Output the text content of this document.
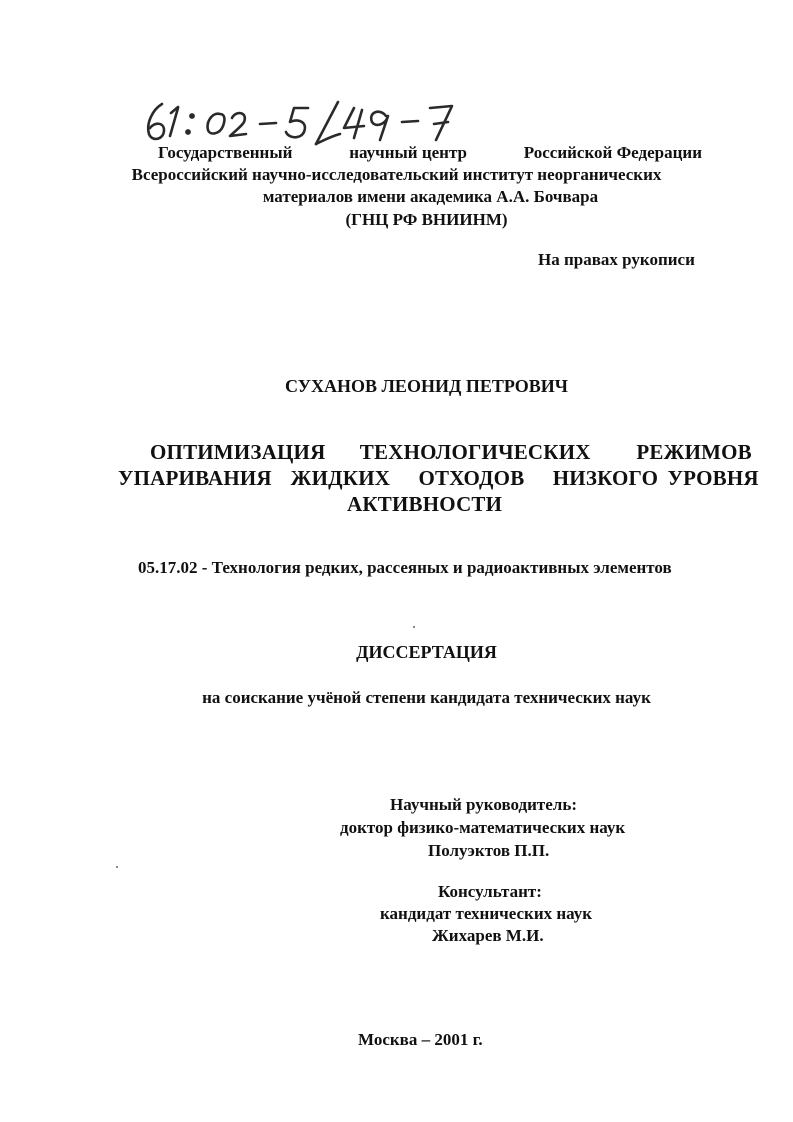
Государственный	научный центр	Российской Федерации
Всероссийский научно-исследовательский институт неорганических
материалов имени академика А.А. Бочвара
(ГНЦ РФ ВНИИНМ)
На правах рукописи
СУХАНОВ ЛЕОНИД ПЕТРОВИЧ
ОПТИМИЗАЦИЯ   ТЕХНОЛОГИЧЕСКИХ    РЕЖИМОВ
УПАРИВАНИЯ  ЖИДКИХ   ОТХОДОВ   НИЗКОГО УРОВНЯ
АКТИВНОСТИ
05.17.02 - Технология редких, рассеяных и радиоактивных элементов
ДИССЕРТАЦИЯ
на соискание учёной степени кандидата технических наук
Научный руководитель:
доктор физико-математических наук
Полуэктов П.П.
Консультант:
кандидат технических наук
Жихарев М.И.
Москва – 2001 г.
